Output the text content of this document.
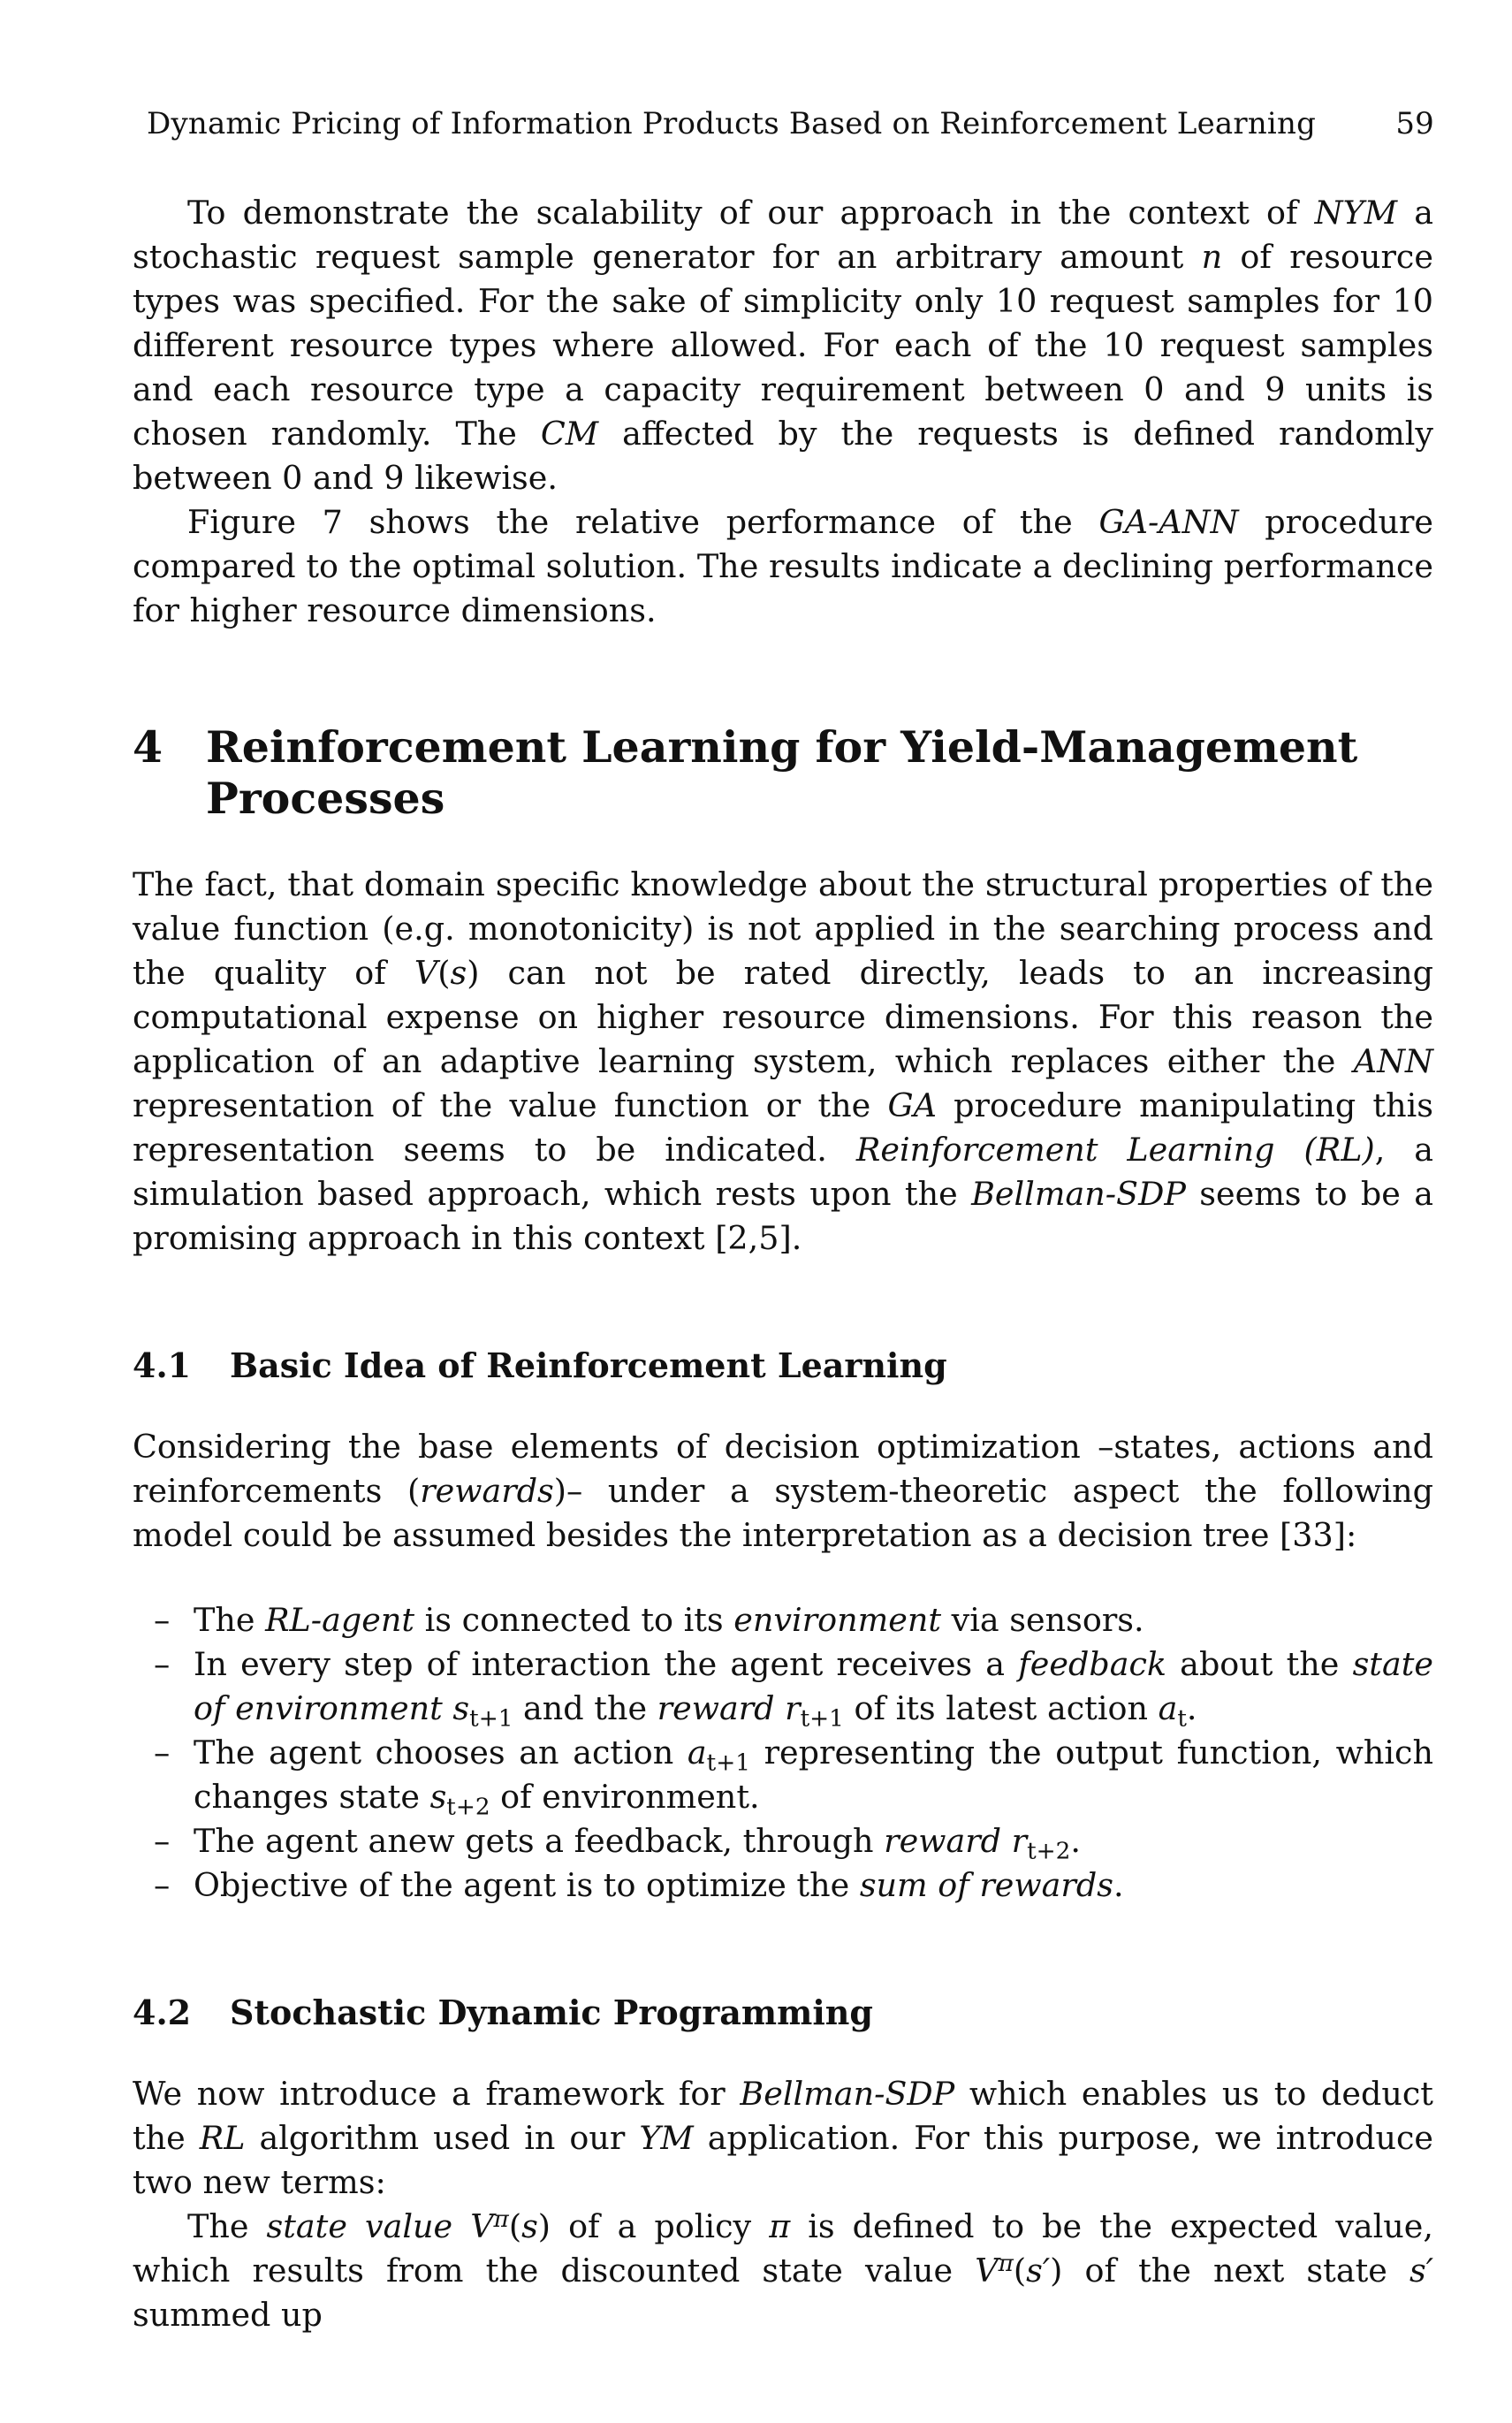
Dynamic Pricing of Information Products Based on Reinforcement Learning	59

To demonstrate the scalability of our approach in the context of NYM a stochastic request sample generator for an arbitrary amount n of resource types was specified. For the sake of simplicity only 10 request samples for 10 different resource types where allowed. For each of the 10 request samples and each resource type a capacity requirement between 0 and 9 units is chosen randomly. The CM affected by the requests is defined randomly between 0 and 9 likewise.

Figure 7 shows the relative performance of the GA-ANN procedure compared to the optimal solution. The results indicate a declining performance for higher resource dimensions.

4 Reinforcement Learning for Yield-Management Processes

The fact, that domain specific knowledge about the structural properties of the value function (e.g. monotonicity) is not applied in the searching process and the quality of V(s) can not be rated directly, leads to an increasing computational expense on higher resource dimensions. For this reason the application of an adaptive learning system, which replaces either the ANN representation of the value function or the GA procedure manipulating this representation seems to be indicated. Reinforcement Learning (RL), a simulation based approach, which rests upon the Bellman-SDP seems to be a promising approach in this context [2,5].

4.1	Basic Idea of Reinforcement Learning

Considering the base elements of decision optimization –states, actions and reinforcements (rewards)– under a system-theoretic aspect the following model could be assumed besides the interpretation as a decision tree [33]:

– The RL-agent is connected to its environment via sensors.
– In every step of interaction the agent receives a feedback about the state of environment $s_{t+1}$ and the reward $r_{t+1}$ of its latest action $a_t$.
– The agent chooses an action $a_{t+1}$ representing the output function, which changes state $s_{t+2}$ of environment.
– The agent anew gets a feedback, through reward $r_{t+2}$.
– Objective of the agent is to optimize the sum of rewards.
4.2	Stochastic Dynamic Programming

We now introduce a framework for Bellman-SDP which enables us to deduct the RL algorithm used in our YM application. For this purpose, we introduce two new terms:

The state value $V^\pi(s)$ of a policy π is defined to be the expected value, which results from the discounted state value $V^\pi(s')$ of the next state s′ summed up
